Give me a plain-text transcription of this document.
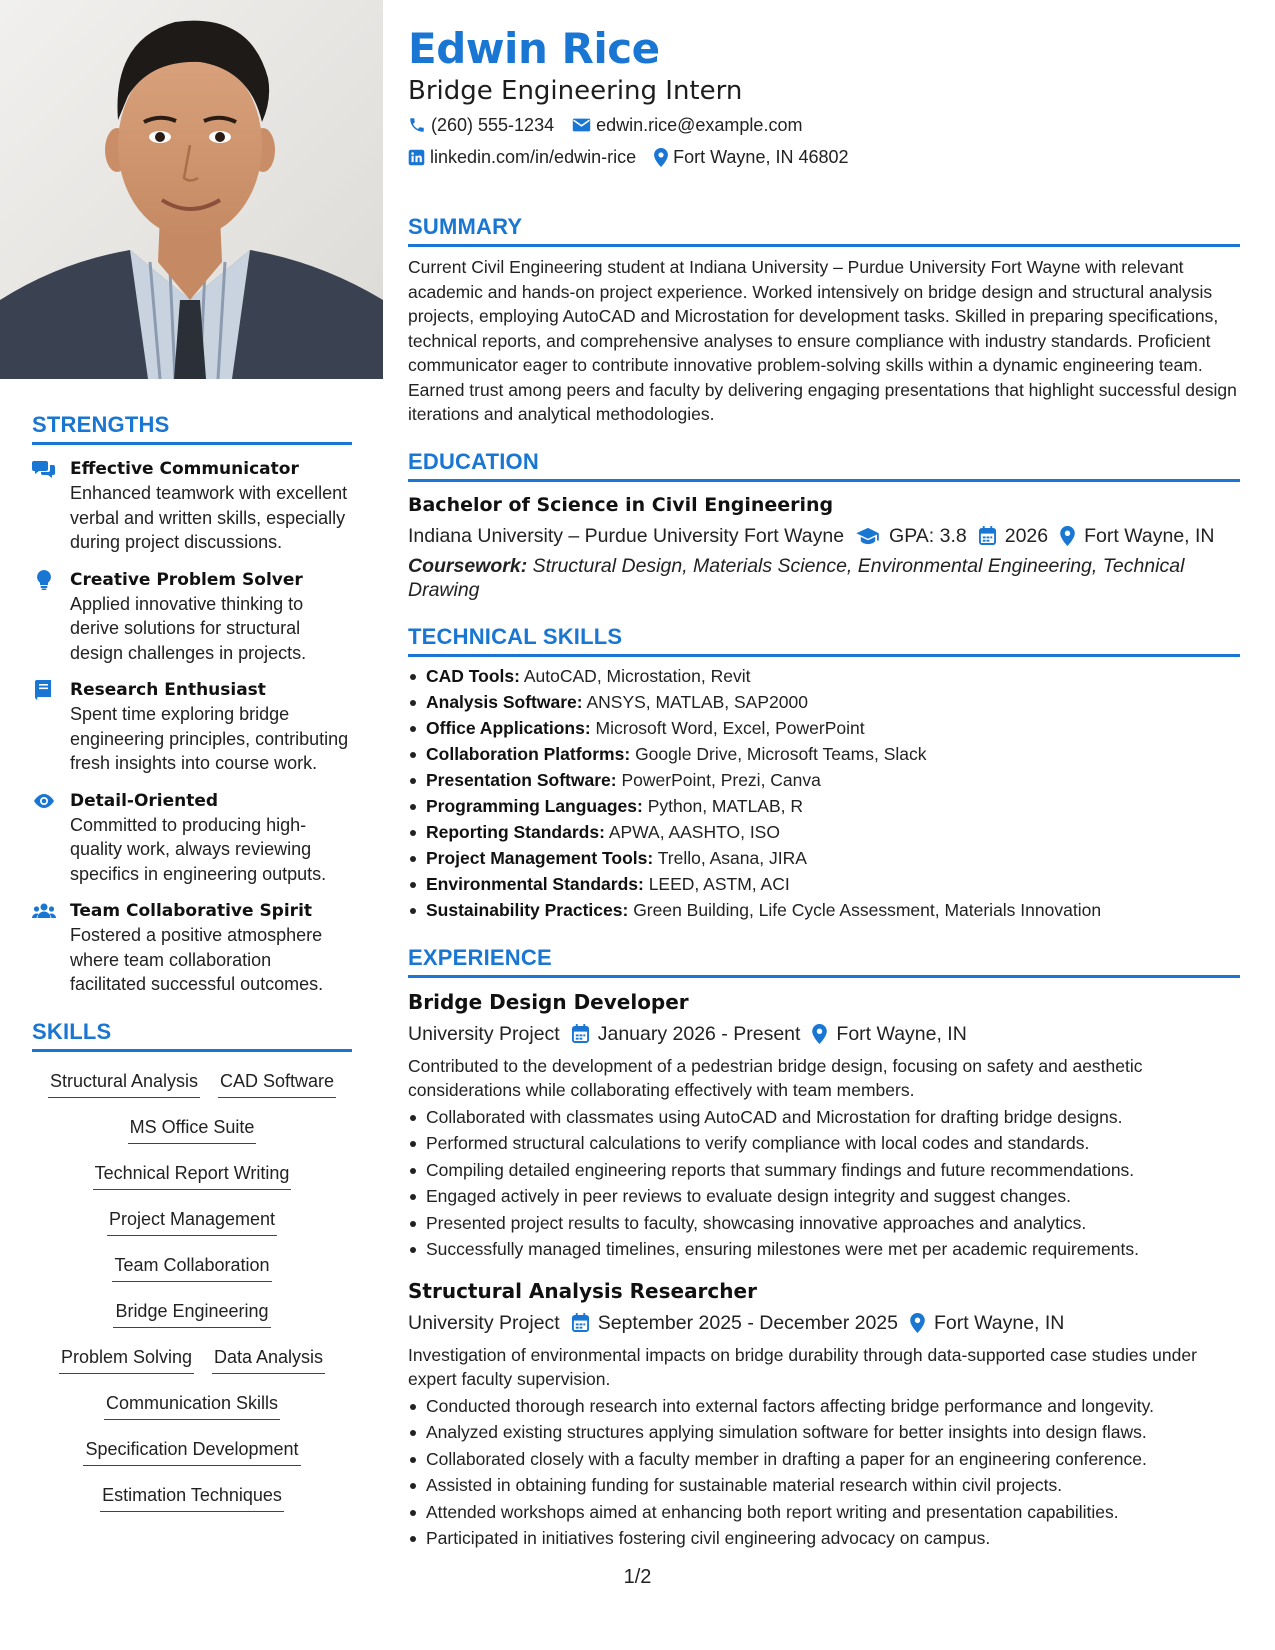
STRENGTHS
Effective Communicator
Enhanced teamwork with excellent verbal and written skills, especially during project discussions.
Creative Problem Solver
Applied innovative thinking to derive solutions for structural design challenges in projects.
Research Enthusiast
Spent time exploring bridge engineering principles, contributing fresh insights into course work.
Detail-Oriented
Committed to producing high-quality work, always reviewing specifics in engineering outputs.
Team Collaborative Spirit
Fostered a positive atmosphere where team collaboration facilitated successful outcomes.
SKILLS
Structural Analysis CAD Software
MS Office Suite
Technical Report Writing
Project Management
Team Collaboration
Bridge Engineering
Problem Solving Data Analysis
Communication Skills
Specification Development
Estimation Techniques
Edwin Rice
Bridge Engineering Intern
(260) 555-1234 edwin.rice@example.com
linkedin.com/in/edwin-rice Fort Wayne, IN 46802
SUMMARY
Current Civil Engineering student at Indiana University – Purdue University Fort Wayne with relevant academic and hands-on project experience. Worked intensively on bridge design and structural analysis projects, employing AutoCAD and Microstation for development tasks. Skilled in preparing specifications, technical reports, and comprehensive analyses to ensure compliance with industry standards. Proficient communicator eager to contribute innovative problem-solving skills within a dynamic engineering team. Earned trust among peers and faculty by delivering engaging presentations that highlight successful design iterations and analytical methodologies.
EDUCATION
Bachelor of Science in Civil Engineering
Indiana University – Purdue University Fort Wayne GPA: 3.8 2026 Fort Wayne, IN
Coursework: Structural Design, Materials Science, Environmental Engineering, Technical Drawing
TECHNICAL SKILLS
CAD Tools: AutoCAD, Microstation, Revit
Analysis Software: ANSYS, MATLAB, SAP2000
Office Applications: Microsoft Word, Excel, PowerPoint
Collaboration Platforms: Google Drive, Microsoft Teams, Slack
Presentation Software: PowerPoint, Prezi, Canva
Programming Languages: Python, MATLAB, R
Reporting Standards: APWA, AASHTO, ISO
Project Management Tools: Trello, Asana, JIRA
Environmental Standards: LEED, ASTM, ACI
Sustainability Practices: Green Building, Life Cycle Assessment, Materials Innovation
EXPERIENCE
Bridge Design Developer
University Project January 2026 - Present Fort Wayne, IN
Contributed to the development of a pedestrian bridge design, focusing on safety and aesthetic considerations while collaborating effectively with team members.
Collaborated with classmates using AutoCAD and Microstation for drafting bridge designs.
Performed structural calculations to verify compliance with local codes and standards.
Compiling detailed engineering reports that summary findings and future recommendations.
Engaged actively in peer reviews to evaluate design integrity and suggest changes.
Presented project results to faculty, showcasing innovative approaches and analytics.
Successfully managed timelines, ensuring milestones were met per academic requirements.
Structural Analysis Researcher
University Project September 2025 - December 2025 Fort Wayne, IN
Investigation of environmental impacts on bridge durability through data-supported case studies under expert faculty supervision.
Conducted thorough research into external factors affecting bridge performance and longevity.
Analyzed existing structures applying simulation software for better insights into design flaws.
Collaborated closely with a faculty member in drafting a paper for an engineering conference.
Assisted in obtaining funding for sustainable material research within civil projects.
Attended workshops aimed at enhancing both report writing and presentation capabilities.
Participated in initiatives fostering civil engineering advocacy on campus.
1/2
